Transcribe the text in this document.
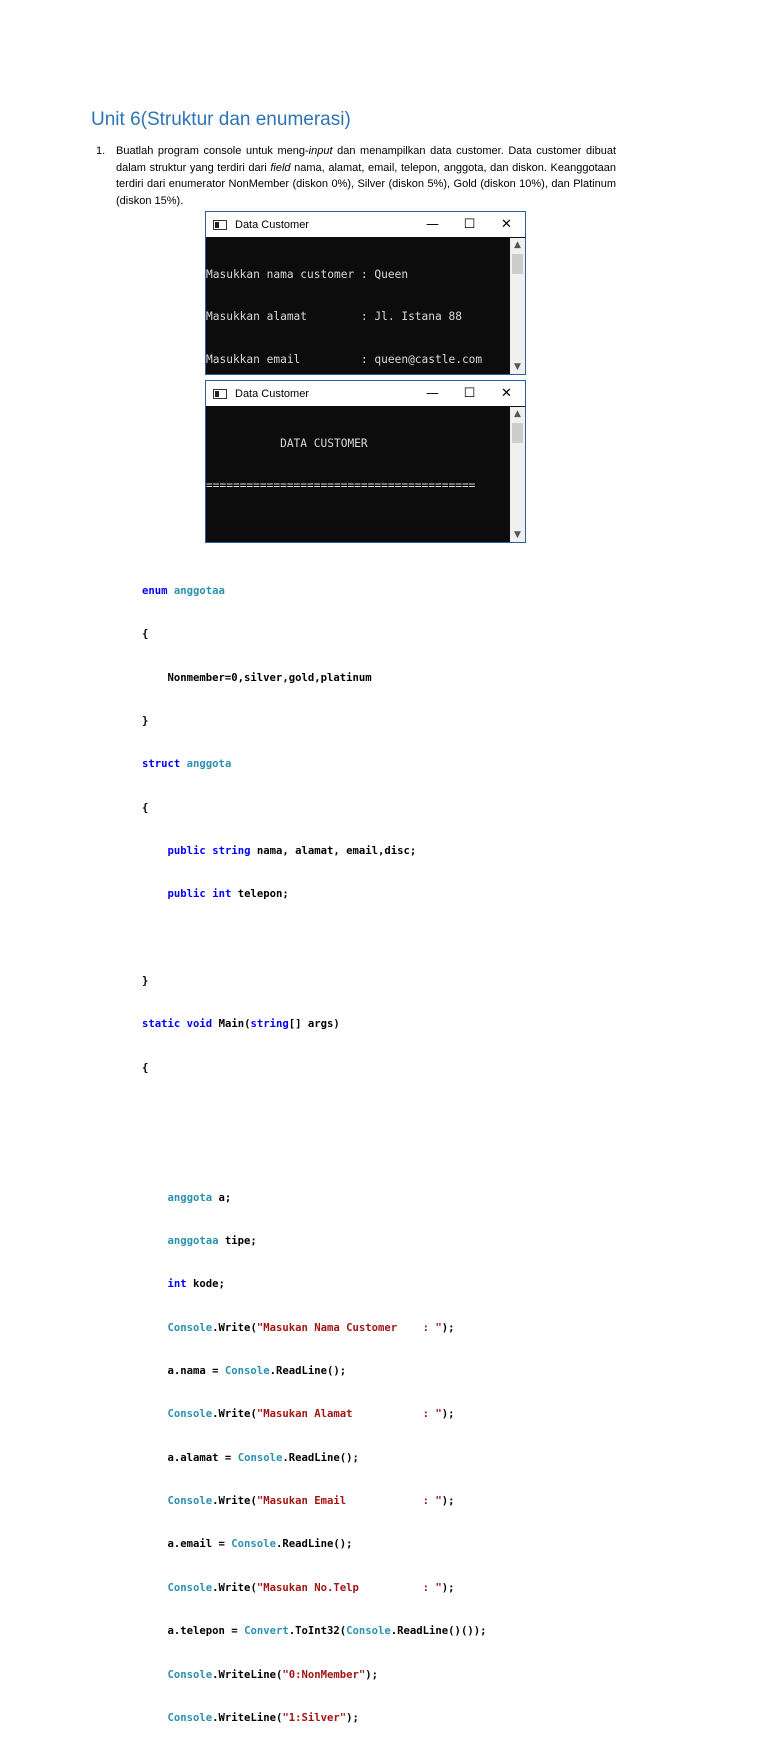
Unit 6(Struktur dan enumerasi)
1. Buatlah program console untuk meng-input dan menampilkan data customer. Data customer dibuat dalam struktur yang terdiri dari field nama, alamat, email, telepon, anggota, dan diskon. Keanggotaan terdiri dari enumerator NonMember (diskon 0%), Silver (diskon 5%), Gold (diskon 10%), dan Platinum (diskon 15%).

Data Customer	—	☐	✕

Masukkan nama customer : Queen

Masukkan alamat        : Jl. Istana 88

Masukkan email         : queen@castle.com

▲
▼
Data Customer	—	☐	✕

DATA CUSTOMER

========================================

▲
▼

enum anggotaa

{

Nonmember=0,silver,gold,platinum

}

struct anggota

{

public string nama, alamat, email,disc;

public int telepon;

}

static void Main(string[] args)

{

anggota a;

anggotaa tipe;

int kode;

Console.Write("Masukan Nama Customer    : ");

a.nama = Console.ReadLine();

Console.Write("Masukan Alamat           : ");

a.alamat = Console.ReadLine();

Console.Write("Masukan Email            : ");

a.email = Console.ReadLine();

Console.Write("Masukan No.Telp          : ");

a.telepon = Convert.ToInt32(Console.ReadLine()());

Console.WriteLine("0:NonMember");

Console.WriteLine("1:Silver");
